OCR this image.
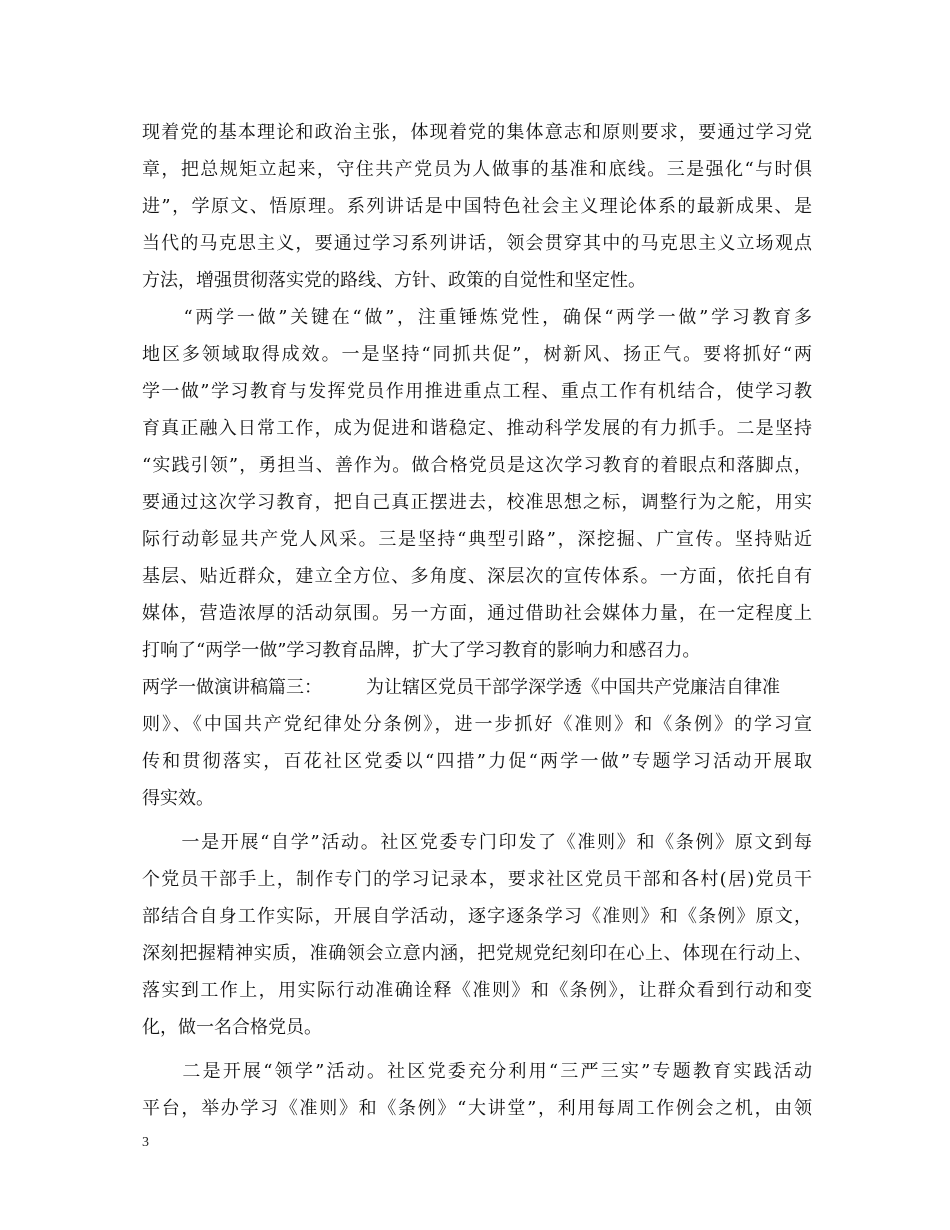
现着党的基本理论和政治主张，体现着党的集体意志和原则要求，要通过学习党
章，把总规矩立起来，守住共产党员为人做事的基准和底线。三是强化“与时俱
进”，学原文、悟原理。系列讲话是中国特色社会主义理论体系的最新成果、是
当代的马克思主义，要通过学习系列讲话，领会贯穿其中的马克思主义立场观点
方法，增强贯彻落实党的路线、方针、政策的自觉性和坚定性。
　　“两学一做”关键在“做”，注重锤炼党性，确保“两学一做”学习教育多
地区多领域取得成效。一是坚持“同抓共促”，树新风、扬正气。要将抓好“两
学一做”学习教育与发挥党员作用推进重点工程、重点工作有机结合，使学习教
育真正融入日常工作，成为促进和谐稳定、推动科学发展的有力抓手。二是坚持
“实践引领”，勇担当、善作为。做合格党员是这次学习教育的着眼点和落脚点，
要通过这次学习教育，把自己真正摆进去，校准思想之标，调整行为之舵，用实
际行动彰显共产党人风采。三是坚持“典型引路”，深挖掘、广宣传。坚持贴近
基层、贴近群众，建立全方位、多角度、深层次的宣传体系。一方面，依托自有
媒体，营造浓厚的活动氛围。另一方面，通过借助社会媒体力量，在一定程度上
打响了“两学一做”学习教育品牌，扩大了学习教育的影响力和感召力。
两学一做演讲稿篇三： 为让辖区党员干部学深学透《中国共产党廉洁自律准
则》、《中国共产党纪律处分条例》，进一步抓好《准则》和《条例》的学习宣
传和贯彻落实，百花社区党委以“四措”力促“两学一做”专题学习活动开展取
得实效。
　　一是开展“自学”活动。社区党委专门印发了《准则》和《条例》原文到每
个党员干部手上，制作专门的学习记录本，要求社区党员干部和各村(居)党员干
部结合自身工作实际，开展自学活动，逐字逐条学习《准则》和《条例》原文，
深刻把握精神实质，准确领会立意内涵，把党规党纪刻印在心上、体现在行动上、
落实到工作上，用实际行动准确诠释《准则》和《条例》，让群众看到行动和变
化，做一名合格党员。
　　二是开展“领学”活动。社区党委充分利用“三严三实”专题教育实践活动
平台，举办学习《准则》和《条例》“大讲堂”，利用每周工作例会之机，由领
3
